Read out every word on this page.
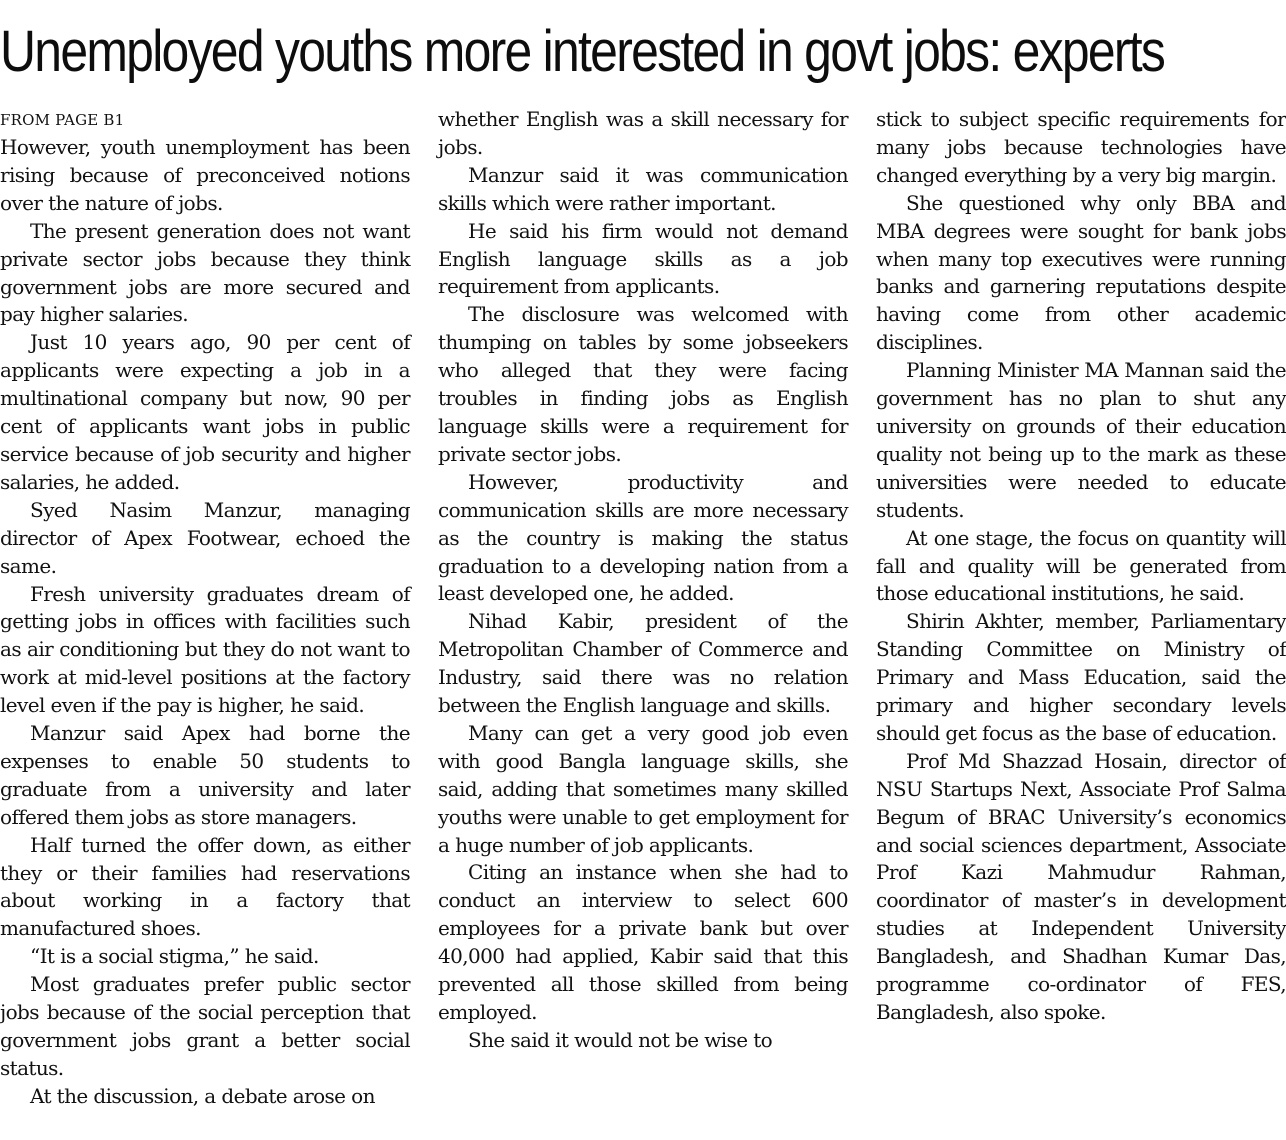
Unemployed youths more interested in govt jobs: experts
FROM PAGE B1

However, youth unemployment has been rising because of preconceived notions over the nature of jobs.

The present generation does not want private sector jobs because they think government jobs are more secured and pay higher salaries.

Just 10 years ago, 90 per cent of applicants were expecting a job in a multinational company but now, 90 per cent of applicants want jobs in public service because of job security and higher salaries, he added.

Syed Nasim Manzur, managing director of Apex Footwear, echoed the same.

Fresh university graduates dream of getting jobs in offices with facilities such as air conditioning but they do not want to work at mid-level positions at the factory level even if the pay is higher, he said.

Manzur said Apex had borne the expenses to enable 50 students to graduate from a university and later offered them jobs as store managers.

Half turned the offer down, as either they or their families had reservations about working in a factory that manufactured shoes.

“It is a social stigma,” he said.

Most graduates prefer public sector jobs because of the social perception that government jobs grant a better social status.

At the discussion, a debate arose on

whether English was a skill necessary for jobs.

Manzur said it was communication skills which were rather important.

He said his firm would not demand English language skills as a job requirement from applicants.

The disclosure was welcomed with thumping on tables by some jobseekers who alleged that they were facing troubles in finding jobs as English language skills were a requirement for private sector jobs.

However, productivity and communication skills are more necessary as the country is making the status graduation to a developing nation from a least developed one, he added.

Nihad Kabir, president of the Metropolitan Chamber of Commerce and Industry, said there was no relation between the English language and skills.

Many can get a very good job even with good Bangla language skills, she said, adding that sometimes many skilled youths were unable to get employment for a huge number of job applicants.

Citing an instance when she had to conduct an interview to select 600 employees for a private bank but over 40,000 had applied, Kabir said that this prevented all those skilled from being employed.

She said it would not be wise to

stick to subject specific requirements for many jobs because technologies have changed everything by a very big margin.

She questioned why only BBA and MBA degrees were sought for bank jobs when many top executives were running banks and garnering reputations despite having come from other academic disciplines.

Planning Minister MA Mannan said the government has no plan to shut any university on grounds of their education quality not being up to the mark as these universities were needed to educate students.

At one stage, the focus on quantity will fall and quality will be generated from those educational institutions, he said.

Shirin Akhter, member, Parliamentary Standing Committee on Ministry of Primary and Mass Education, said the primary and higher secondary levels should get focus as the base of education.

Prof Md Shazzad Hosain, director of NSU Startups Next, Associate Prof Salma Begum of BRAC University’s economics and social sciences department, Associate Prof Kazi Mahmudur Rahman, coordinator of master’s in development studies at Independent University Bangladesh, and Shadhan Kumar Das, programme co-ordinator of FES, Bangladesh, also spoke.
